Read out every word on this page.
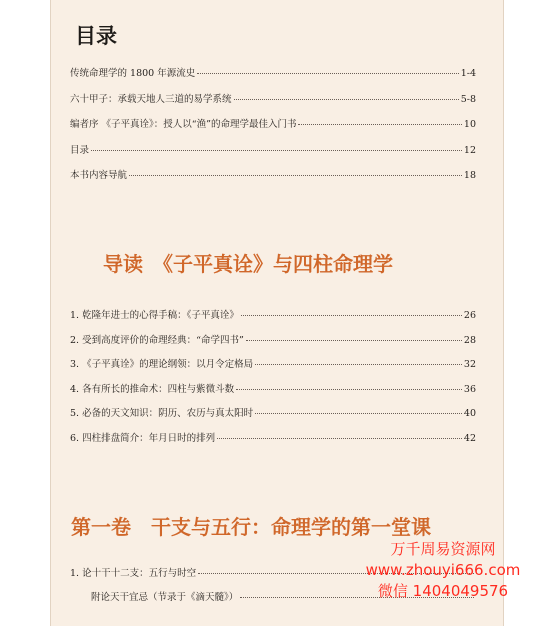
目录
传统命理学的 1800 年源流史	1-4
六十甲子：承载天地人三道的易学系统	5-8
编者序 《子平真诠》：授人以“渔”的命理学最佳入门书	10
目录	12
本书内容导航	18
导读　《子平真诠》与四柱命理学
1. 乾隆年进士的心得手稿：《子平真诠》	26
2. 受到高度评价的命理经典：“命学四书”	28
3. 《子平真诠》的理论纲领：以月令定格局	32
4. 各有所长的推命术：四柱与紫微斗数	36
5. 必备的天文知识：阴历、农历与真太阳时	40
6. 四柱排盘简介：年月日时的排列	42
第一卷　干支与五行：命理学的第一堂课
1. 论十干十二支：五行与时空
附论天干宜忌（节录于《滴天髓》）
万千周易资源网
www.zhouyi666.com
微信 1404049576
